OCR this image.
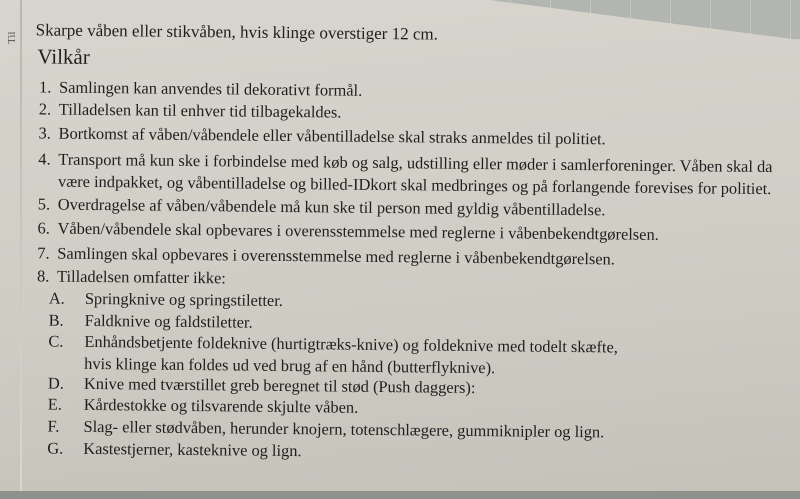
Til	Skarpe våben eller stikvåben, hvis klinge overstiger 12 cm.
Vilkår
1. Samlingen kan anvendes til dekorativt formål.
2. Tilladelsen kan til enhver tid tilbagekaldes.
3. Bortkomst af våben/våbendele eller våbentilladelse skal straks anmeldes til politiet.
4. Transport må kun ske i forbindelse med køb og salg, udstilling eller møder i samlerforeninger. Våben skal da
være indpakket, og våbentilladelse og billed-IDkort skal medbringes og på forlangende forevises for politiet.
5. Overdragelse af våben/våbendele må kun ske til person med gyldig våbentilladelse.
6. Våben/våbendele skal opbevares i overensstemmelse med reglerne i våbenbekendtgørelsen.
7. Samlingen skal opbevares i overensstemmelse med reglerne i våbenbekendtgørelsen.
8. Tilladelsen omfatter ikke:
A. Springknive og springstiletter.
B. Faldknive og faldstiletter.
C. Enhåndsbetjente foldeknive (hurtigtræks-knive) og foldeknive med todelt skæfte,
hvis klinge kan foldes ud ved brug af en hånd (butterflyknive).
D. Knive med tværstillet greb beregnet til stød (Push daggers):
E. Kårdestokke og tilsvarende skjulte våben.
F. Slag- eller stødvåben, herunder knojern, totenschlægere, gummiknipler og lign.
G. Kastestjerner, kasteknive og lign.
